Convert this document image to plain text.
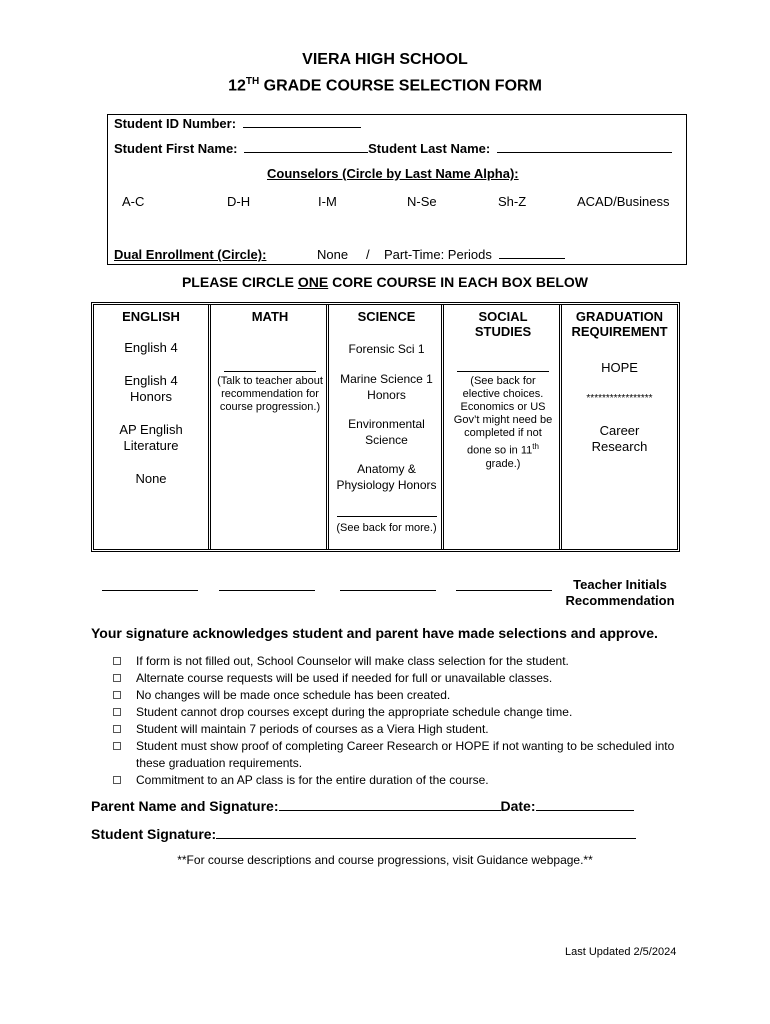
VIERA HIGH SCHOOL
12TH GRADE COURSE SELECTION FORM
Student ID Number:
Student First Name:	Student Last Name:
Counselors (Circle by Last Name Alpha):
A-C	D-H	I-M	N-Se	Sh-Z	ACAD/Business
Dual Enrollment (Circle):	None / Part-Time: Periods
PLEASE CIRCLE ONE CORE COURSE IN EACH BOX BELOW
ENGLISH
English 4
English 4 Honors
AP English Literature
None
MATH
(Talk to teacher about recommendation for course progression.)
SCIENCE
Forensic Sci 1
Marine Science 1 Honors
Environmental Science
Anatomy & Physiology Honors
(See back for more.)
SOCIAL STUDIES
(See back for elective choices. Economics or US Gov’t might need be completed if not done so in 11th grade.)
GRADUATION REQUIREMENT
HOPE
*****************
Career Research
Teacher Initials
Recommendation
Your signature acknowledges student and parent have made selections and approve.
If form is not filled out, School Counselor will make class selection for the student.
Alternate course requests will be used if needed for full or unavailable classes.
No changes will be made once schedule has been created.
Student cannot drop courses except during the appropriate schedule change time.
Student will maintain 7 periods of courses as a Viera High student.
Student must show proof of completing Career Research or HOPE if not wanting to be scheduled into these graduation requirements.
Commitment to an AP class is for the entire duration of the course.
Parent Name and Signature:	Date:
Student Signature:
**For course descriptions and course progressions, visit Guidance webpage.**
Last Updated 2/5/2024
